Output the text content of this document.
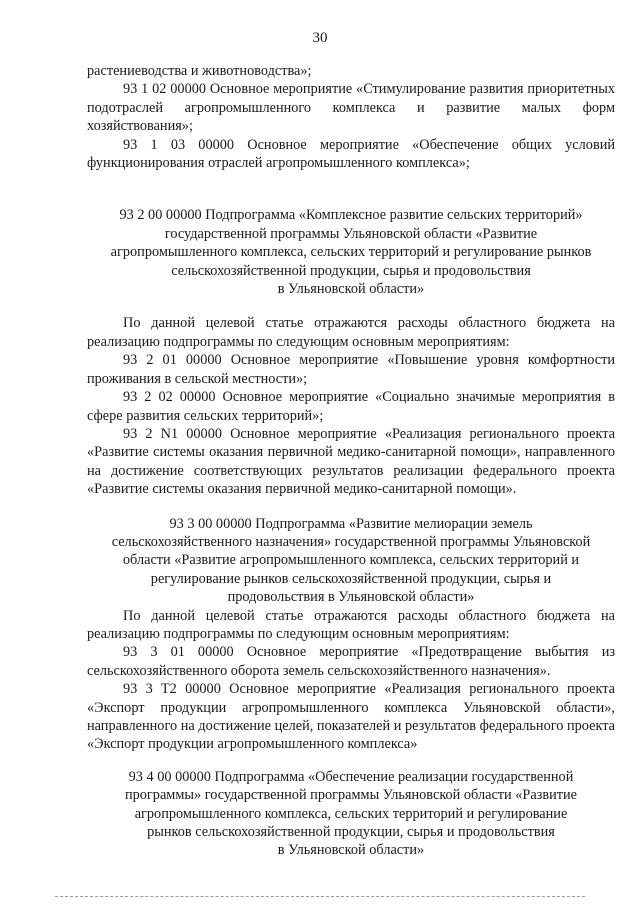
30

растениеводства и животноводства»;

93 1 02 00000 Основное мероприятие «Стимулирование развития приоритетных подотраслей агропромышленного комплекса и развитие малых форм хозяйствования»;

93 1 03 00000 Основное мероприятие «Обеспечение общих условий функционирования отраслей агропромышленного комплекса»;

93 2 00 00000 Подпрограмма «Комплексное развитие сельских территорий»
государственной программы Ульяновской области «Развитие
агропромышленного комплекса, сельских территорий и регулирование рынков
сельскохозяйственной продукции, сырья и продовольствия
в Ульяновской области»

По данной целевой статье отражаются расходы областного бюджета на реализацию подпрограммы по следующим основным мероприятиям:

93 2 01 00000 Основное мероприятие «Повышение уровня комфортности проживания в сельской местности»;

93 2 02 00000 Основное мероприятие «Социально значимые мероприятия в сфере развития сельских территорий»;

93 2 N1 00000 Основное мероприятие «Реализация регионального проекта «Развитие системы оказания первичной медико-санитарной помощи», направленного на достижение соответствующих результатов реализации федерального проекта «Развитие системы оказания первичной медико-санитарной помощи».

93 3 00 00000 Подпрограмма «Развитие мелиорации земель
сельскохозяйственного назначения» государственной программы Ульяновской
области «Развитие агропромышленного комплекса, сельских территорий и
регулирование рынков сельскохозяйственной продукции, сырья и
продовольствия в Ульяновской области»

По данной целевой статье отражаются расходы областного бюджета на реализацию подпрограммы по следующим основным мероприятиям:

93 3 01 00000 Основное мероприятие «Предотвращение выбытия из сельскохозяйственного оборота земель сельскохозяйственного назначения».

93 3 T2 00000 Основное мероприятие «Реализация регионального проекта «Экспорт продукции агропромышленного комплекса Ульяновской области», направленного на достижение целей, показателей и результатов федерального проекта «Экспорт продукции агропромышленного комплекса»

93 4 00 00000 Подпрограмма «Обеспечение реализации государственной
программы» государственной программы Ульяновской области «Развитие
агропромышленного комплекса, сельских территорий и регулирование
рынков сельскохозяйственной продукции, сырья и продовольствия
в Ульяновской области»
